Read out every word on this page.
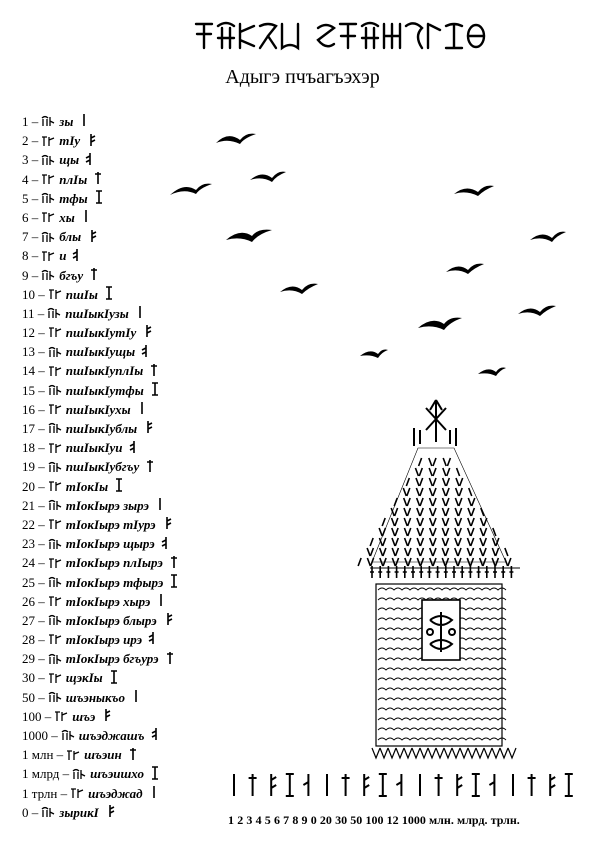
Адыгэ пчъагъэхэр
1 – зы
2 – тIу
3 – щы
4 – плIы
5 – тфы
6 – хы
7 – блы
8 – и
9 – бгъу
10 – пшIы
11 – пшIыкIузы
12 – пшIыкIутIу
13 – пшIыкIущы
14 – пшIыкIуплIы
15 – пшIыкIутфы
16 – пшIыкIухы
17 – пшIыкIублы
18 – пшIыкIуи
19 – пшIыкIубгъу
20 – тIокIы
21 – тIокIырэ зырэ
22 – тIокIырэ тIурэ
23 – тIокIырэ щырэ
24 – тIокIырэ плIырэ
25 – тIокIырэ тфырэ
26 – тIокIырэ хырэ
27 – тIокIырэ блырэ
28 – тIокIырэ ирэ
29 – тIокIырэ бгъурэ
30 – щэкIы
50 – шъэныкъо
100 – шъэ
1000 – шъэджашъ
1 млн – шъэин
1 млрд – шъэишхо
1 трлн – шъэджад
0 – зырикI
1 2 3 4 5 6 7 8 9 0 20 30 50 100 12 1000 млн. млрд. трлн.
